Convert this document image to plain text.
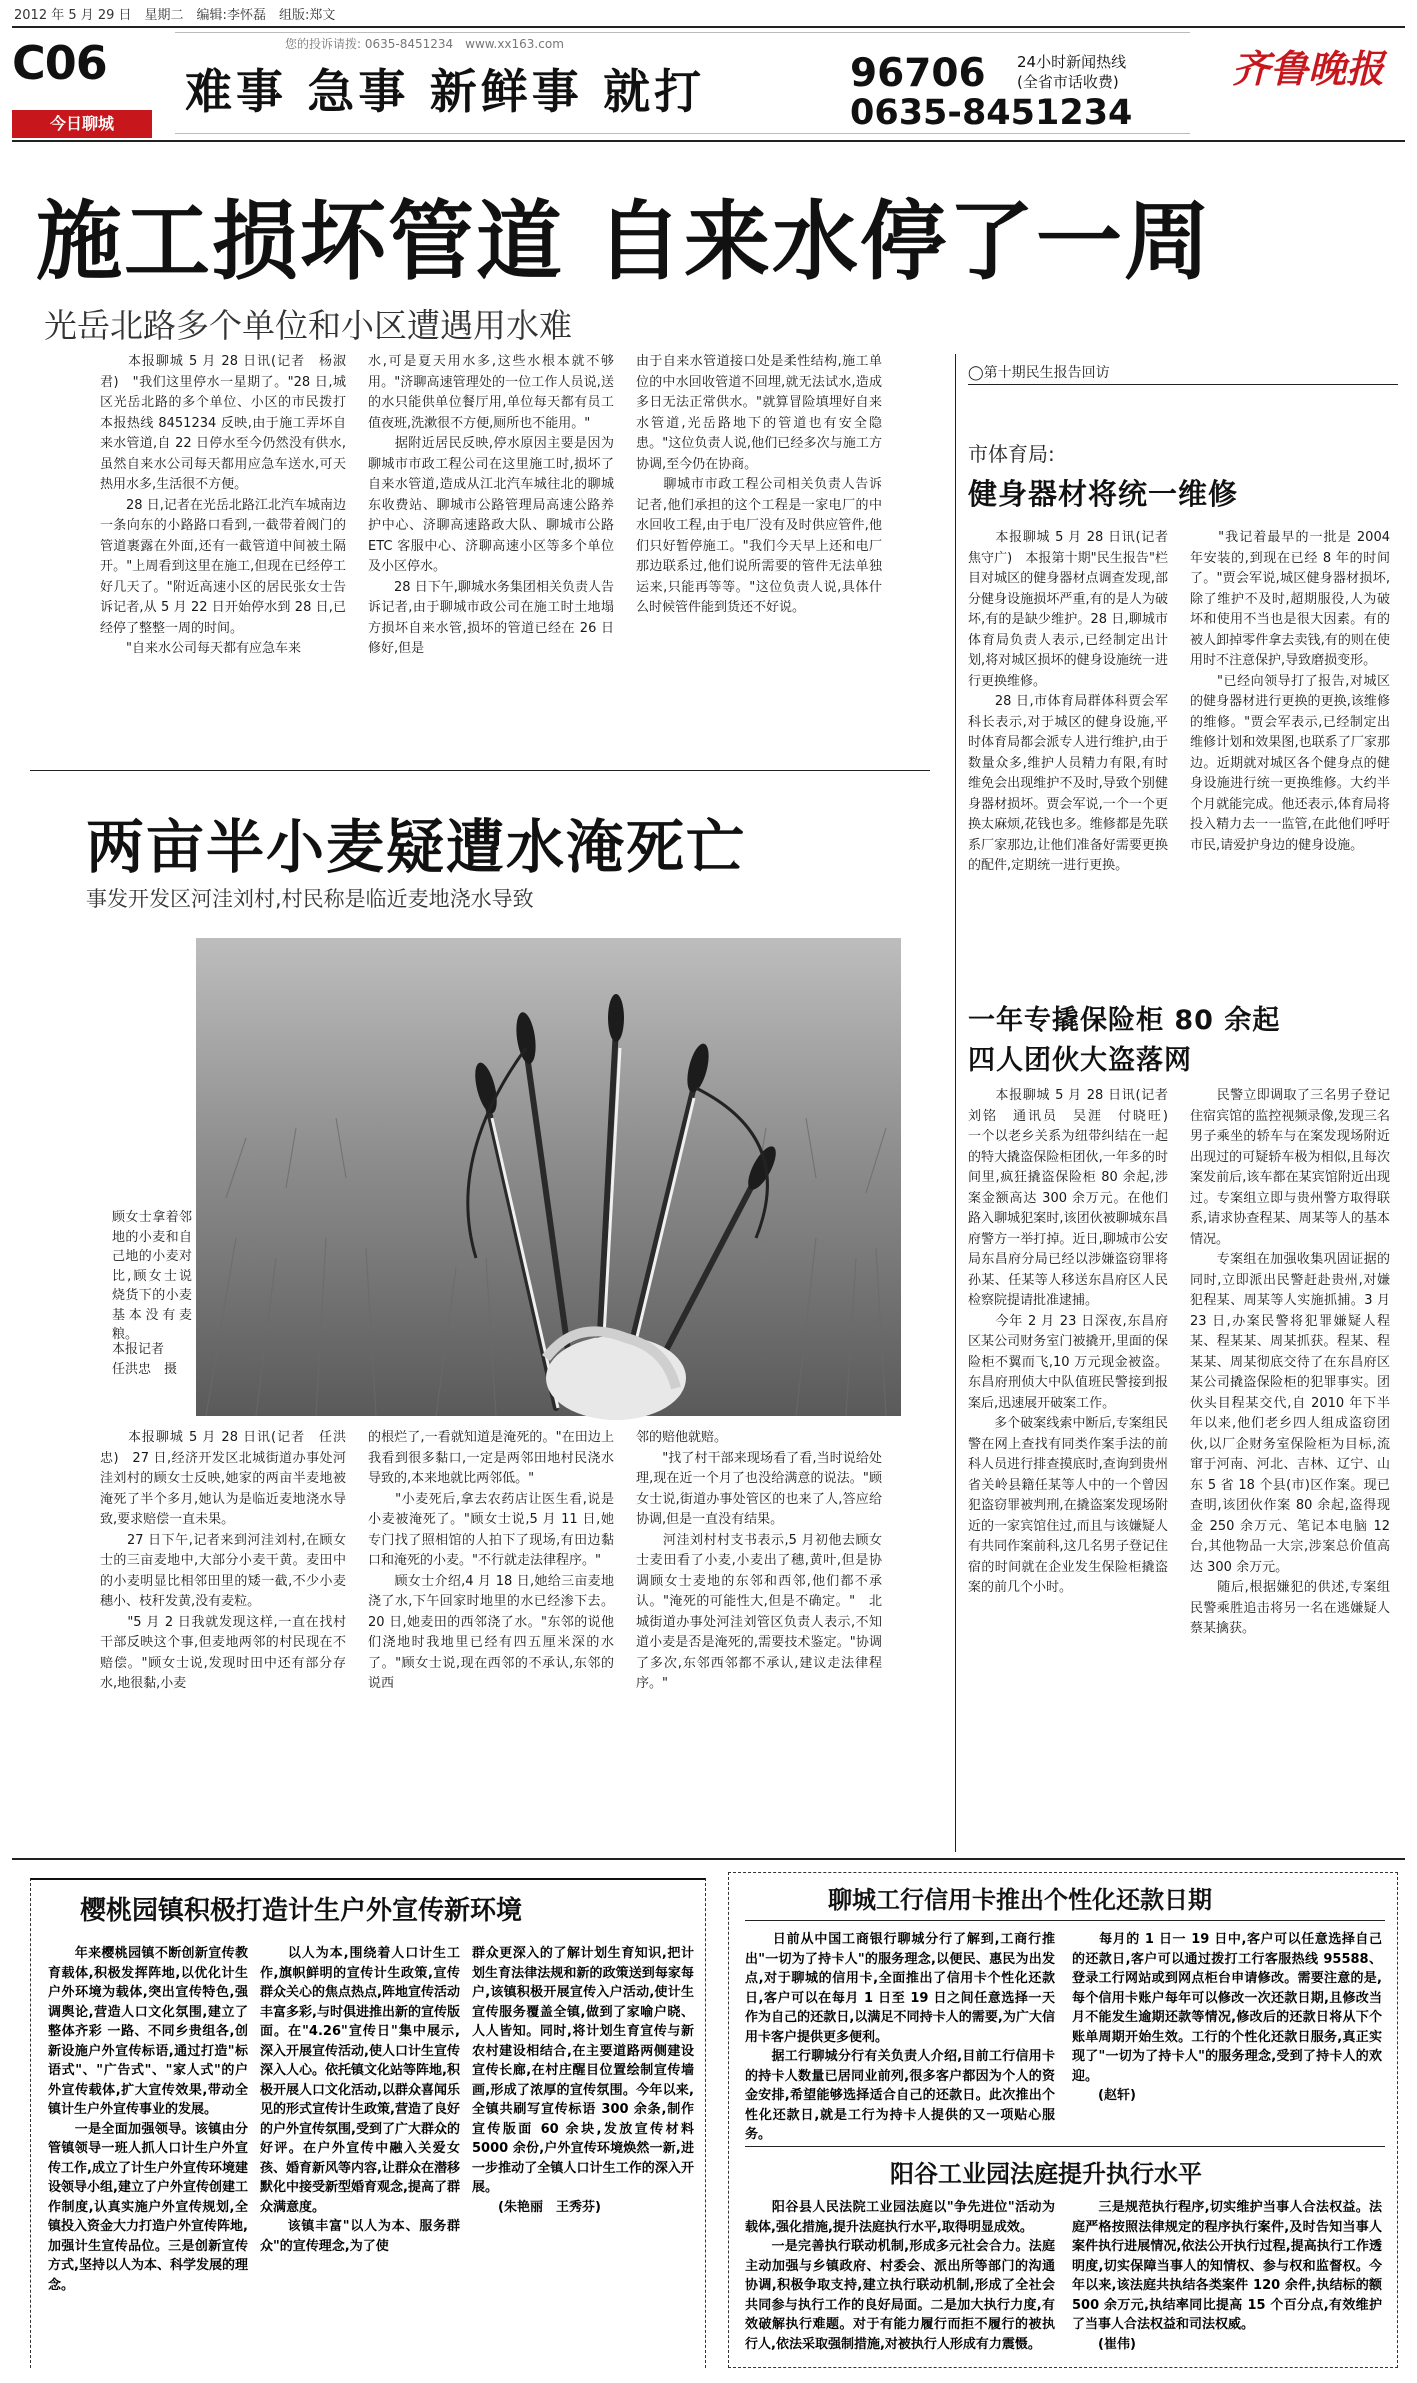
2012 年 5 月 29 日　星期二　编辑:李怀磊　组版:郑文
C06
今日聊城
您的投诉请拨: 0635-8451234　www.xx163.com
难事 急事 新鲜事 就打	96706 24小时新闻热线
(全省市话收费)
0635-8451234
齐鲁晚报
施工损坏管道 自来水停了一周
光岳北路多个单位和小区遭遇用水难
　　本报聊城 5 月 28 日讯(记者　杨淑君)　"我们这里停水一星期了。"28 日,城区光岳北路的多个单位、小区的市民拨打本报热线 8451234 反映,由于施工弄坏自来水管道,自 22 日停水至今仍然没有供水,虽然自来水公司每天都用应急车送水,可天热用水多,生活很不方便。
　　28 日,记者在光岳北路江北汽车城南边一条向东的小路路口看到,一截带着阀门的管道裹露在外面,还有一截管道中间被土隔开。"上周看到这里在施工,但现在已经停工好几天了。"附近高速小区的居民张女士告诉记者,从 5 月 22 日开始停水到 28 日,已经停了整整一周的时间。
　　"自来水公司每天都有应急车来
水,可是夏天用水多,这些水根本就不够用。"济聊高速管理处的一位工作人员说,送的水只能供单位餐厅用,单位每天都有员工值夜班,洗漱很不方便,厕所也不能用。"
　　据附近居民反映,停水原因主要是因为聊城市市政工程公司在这里施工时,损坏了自来水管道,造成从江北汽车城往北的聊城东收费站、聊城市公路管理局高速公路养护中心、济聊高速路政大队、聊城市公路 ETC 客服中心、济聊高速小区等多个单位及小区停水。
　　28 日下午,聊城水务集团相关负责人告诉记者,由于聊城市政公司在施工时土地塌方损坏自来水管,损坏的管道已经在 26 日修好,但是
由于自来水管道接口处是柔性结构,施工单位的中水回收管道不回埋,就无法试水,造成多日无法正常供水。"就算冒险填埋好自来水管道,光岳路地下的管道也有安全隐患。"这位负责人说,他们已经多次与施工方协调,至今仍在协商。
　　聊城市市政工程公司相关负责人告诉记者,他们承担的这个工程是一家电厂的中水回收工程,由于电厂没有及时供应管件,他们只好暂停施工。"我们今天早上还和电厂那边联系过,他们说所需要的管件无法单独运来,只能再等等。"这位负责人说,具体什么时候管件能到货还不好说。
两亩半小麦疑遭水淹死亡
事发开发区河洼刘村,村民称是临近麦地浇水导致
顾女士拿着邻地的小麦和自己地的小麦对比,顾女士说烧货下的小麦基本没有麦粮。
本报记者
任洪忠　摄
　　本报聊城 5 月 28 日讯(记者　任洪忠)　27 日,经济开发区北城街道办事处河洼刘村的顾女士反映,她家的两亩半麦地被淹死了半个多月,她认为是临近麦地浇水导致,要求赔偿一直未果。
　　27 日下午,记者来到河洼刘村,在顾女士的三亩麦地中,大部分小麦干黄。麦田中的小麦明显比相邻田里的矮一截,不少小麦穗小、枝秆发黄,没有麦粒。
　　"5 月 2 日我就发现这样,一直在找村干部反映这个事,但麦地两邻的村民现在不赔偿。"顾女士说,发现时田中还有部分存水,地很黏,小麦
的根烂了,一看就知道是淹死的。"在田边上我看到很多黏口,一定是两邻田地村民浇水导致的,本来地就比两邻低。"
　　"小麦死后,拿去农药店让医生看,说是小麦被淹死了。"顾女士说,5 月 11 日,她专门找了照相馆的人拍下了现场,有田边黏口和淹死的小麦。"不行就走法律程序。"
　　顾女士介绍,4 月 18 日,她给三亩麦地浇了水,下午回家时地里的水已经渗下去。20 日,她麦田的西邻浇了水。"东邻的说他们浇地时我地里已经有四五厘米深的水了。"顾女士说,现在西邻的不承认,东邻的说西
邻的赔他就赔。
　　"找了村干部来现场看了看,当时说给处理,现在近一个月了也没给满意的说法。"顾女士说,街道办事处管区的也来了人,答应给协调,但是一直没有结果。
　　河洼刘村村支书表示,5 月初他去顾女士麦田看了小麦,小麦出了穗,黄叶,但是协调顾女士麦地的东邻和西邻,他们都不承认。"淹死的可能性大,但是不确定。"　北城街道办事处河洼刘管区负责人表示,不知道小麦是否是淹死的,需要技术鉴定。"协调了多次,东邻西邻都不承认,建议走法律程序。"
◯第十期民生报告回访
市体育局:
健身器材将统一维修
　　本报聊城 5 月 28 日讯(记者　焦守广)　本报第十期"民生报告"栏目对城区的健身器材点调查发现,部分健身设施损坏严重,有的是人为破坏,有的是缺少维护。28 日,聊城市体育局负责人表示,已经制定出计划,将对城区损坏的健身设施统一进行更换维修。
　　28 日,市体育局群体科贾会军科长表示,对于城区的健身设施,平时体育局都会派专人进行维护,由于数量众多,维护人员精力有限,有时维免会出现维护不及时,导致个别健身器材损坏。贾会军说,一个一个更换太麻烦,花钱也多。维修都是先联系厂家那边,让他们准备好需要更换的配件,定期统一进行更换。
　　"我记着最早的一批是 2004 年安装的,到现在已经 8 年的时间了。"贾会军说,城区健身器材损坏,除了维护不及时,超期服役,人为破坏和使用不当也是很大因素。有的被人卸掉零件拿去卖钱,有的则在使用时不注意保护,导致磨损变形。
　　"已经向领导打了报告,对城区的健身器材进行更换的更换,该维修的维修。"贾会军表示,已经制定出维修计划和效果图,也联系了厂家那边。近期就对城区各个健身点的健身设施进行统一更换维修。大约半个月就能完成。他还表示,体育局将投入精力去一一监管,在此他们呼吁市民,请爱护身边的健身设施。
一年专撬保险柜 80 余起
四人团伙大盗落网
　　本报聊城 5 月 28 日讯(记者　刘铭　通讯员　吴涯　付晓旺)　一个以老乡关系为纽带纠结在一起的特大撬盗保险柜团伙,一年多的时间里,疯狂撬盗保险柜 80 余起,涉案金额高达 300 余万元。在他们路入聊城犯案时,该团伙被聊城东昌府警方一举打掉。近日,聊城市公安局东昌府分局已经以涉嫌盗窃罪将孙某、任某等人移送东昌府区人民检察院提请批准逮捕。
　　今年 2 月 23 日深夜,东昌府区某公司财务室门被撬开,里面的保险柜不翼而飞,10 万元现金被盗。东昌府刑侦大中队值班民警接到报案后,迅速展开破案工作。
　　多个破案线索中断后,专案组民警在网上查找有同类作案手法的前科人员进行排查摸底时,查询到贵州省关岭县籍任某等人中的一个曾因犯盗窃罪被判刑,在撬盗案发现场附近的一家宾馆住过,而且与该嫌疑人有共同作案前科,这几名男子登记住宿的时间就在企业发生保险柜撬盗案的前几个小时。
　　民警立即调取了三名男子登记住宿宾馆的监控视频录像,发现三名男子乘坐的轿车与在案发现场附近出现过的可疑轿车极为相似,且每次案发前后,该车都在某宾馆附近出现过。专案组立即与贵州警方取得联系,请求协查程某、周某等人的基本情况。
　　专案组在加强收集巩固证据的同时,立即派出民警赶赴贵州,对嫌犯程某、周某等人实施抓捕。3 月 23 日,办案民警将犯罪嫌疑人程某、程某某、周某抓获。程某、程某某、周某彻底交待了在东昌府区某公司撬盗保险柜的犯罪事实。团伙头目程某交代,自 2010 年下半年以来,他们老乡四人组成盗窃团伙,以厂企财务室保险柜为目标,流窜于河南、河北、吉林、辽宁、山东 5 省 18 个县(市)区作案。现已查明,该团伙作案 80 余起,盗得现金 250 余万元、笔记本电脑 12 台,其他物品一大宗,涉案总价值高达 300 余万元。
　　随后,根据嫌犯的供述,专案组民警乘胜追击将另一名在逃嫌疑人蔡某擒获。
樱桃园镇积极打造计生户外宣传新环境
　　年来樱桃园镇不断创新宣传教育载体,积极发挥阵地,以优化计生户外环境为载体,突出宣传特色,强调舆论,营造人口文化氛围,建立了整体齐彩 一路、不同乡贵组各,创新设施户外宣传标语,通过打造"标语式"、"广告式"、"家人式"的户外宣传载体,扩大宣传效果,带动全镇计生户外宣传事业的发展。
　　一是全面加强领导。该镇由分管镇领导一班人抓人口计生户外宣传工作,成立了计生户外宣传环境建设领导小组,建立了户外宣传创建工作制度,认真实施户外宣传规划,全镇投入资金大力打造户外宣传阵地,加强计生宣传品位。三是创新宣传方式,坚持以人为本、科学发展的理念。
　　以人为本,围绕着人口计生工作,旗帜鲜明的宣传计生政策,宣传群众关心的焦点热点,阵地宣传活动丰富多彩,与时俱进推出新的宣传版面。在"4.26"宣传日"集中展示,深入开展宣传活动,使人口计生宣传深入人心。依托镇文化站等阵地,积极开展人口文化活动,以群众喜闻乐见的形式宣传计生政策,营造了良好的户外宣传氛围,受到了广大群众的好评。在户外宣传中融入关爱女孩、婚育新风等内容,让群众在潜移默化中接受新型婚育观念,提高了群众满意度。
　　该镇丰富"以人为本、服务群众"的宣传理念,为了使
群众更深入的了解计划生育知识,把计划生育法律法规和新的政策送到每家每户,该镇积极开展宣传入户活动,使计生宣传服务覆盖全镇,做到了家喻户晓、人人皆知。同时,将计划生育宣传与新农村建设相结合,在主要道路两侧建设宣传长廊,在村庄醒目位置绘制宣传墙画,形成了浓厚的宣传氛围。今年以来,全镇共刷写宣传标语 300 余条,制作宣传版面 60 余块,发放宣传材料 5000 余份,户外宣传环境焕然一新,进一步推动了全镇人口计生工作的深入开展。
　　(朱艳丽　王秀芬)
聊城工行信用卡推出个性化还款日期
　　日前从中国工商银行聊城分行了解到,工商行推出"一切为了持卡人"的服务理念,以便民、惠民为出发点,对于聊城的信用卡,全面推出了信用卡个性化还款日,客户可以在每月 1 日至 19 日之间任意选择一天作为自己的还款日,以满足不同持卡人的需要,为广大信用卡客户提供更多便利。
　　据工行聊城分行有关负责人介绍,目前工行信用卡的持卡人数量已居同业前列,很多客户都因为个人的资金安排,希望能够选择适合自己的还款日。此次推出个性化还款日,就是工行为持卡人提供的又一项贴心服务。
　　每月的 1 日一 19 日中,客户可以任意选择自己的还款日,客户可以通过拨打工行客服热线 95588、登录工行网站或到网点柜台申请修改。需要注意的是,每个信用卡账户每年可以修改一次还款日期,且修改当月不能发生逾期还款等情况,修改后的还款日将从下个账单周期开始生效。工行的个性化还款日服务,真正实现了"一切为了持卡人"的服务理念,受到了持卡人的欢迎。
　　(赵轩)
阳谷工业园法庭提升执行水平
　　阳谷县人民法院工业园法庭以"争先进位"活动为载体,强化措施,提升法庭执行水平,取得明显成效。
　　一是完善执行联动机制,形成多元社会合力。法庭主动加强与乡镇政府、村委会、派出所等部门的沟通协调,积极争取支持,建立执行联动机制,形成了全社会共同参与执行工作的良好局面。二是加大执行力度,有效破解执行难题。对于有能力履行而拒不履行的被执行人,依法采取强制措施,对被执行人形成有力震慑。
　　三是规范执行程序,切实维护当事人合法权益。法庭严格按照法律规定的程序执行案件,及时告知当事人案件执行进展情况,依法公开执行过程,提高执行工作透明度,切实保障当事人的知情权、参与权和监督权。今年以来,该法庭共执结各类案件 120 余件,执结标的额 500 余万元,执结率同比提高 15 个百分点,有效维护了当事人合法权益和司法权威。
　　(崔伟)
